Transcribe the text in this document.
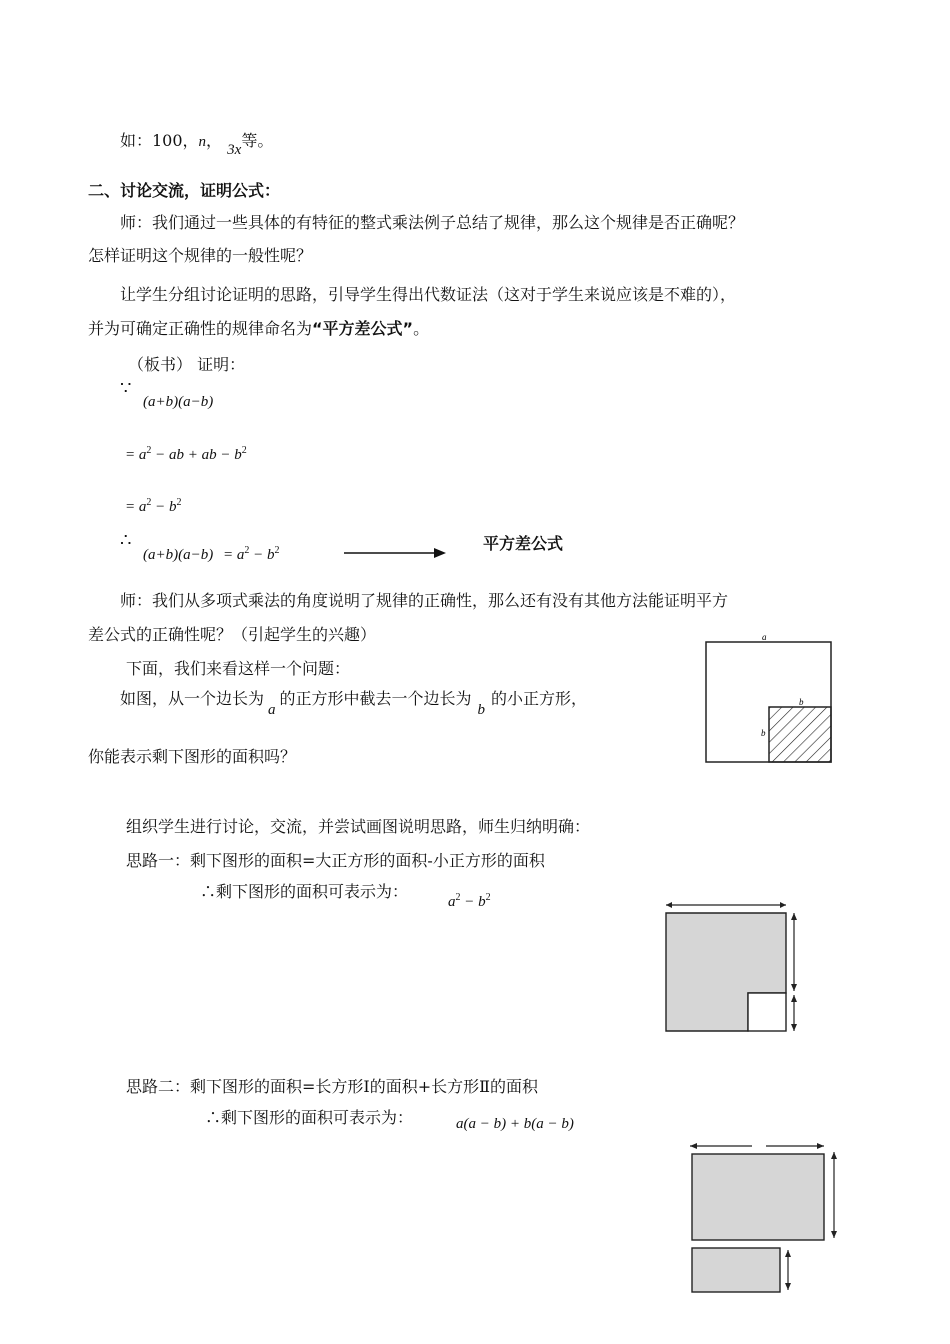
如：100，n， 3x等。
二、讨论交流，证明公式：
师：我们通过一些具体的有特征的整式乘法例子总结了规律，那么这个规律是否正确呢？
怎样证明这个规律的一般性呢？
让学生分组讨论证明的思路，引导学生得出代数证法（这对于学生来说应该是不难的），
并为可确定正确性的规律命名为“平方差公式”。
（板书） 证明：
∵
(a+b)(a−b)
= $a^2$ − ab + ab − $b^2$
= $a^2 - b^2$
∴
$(a+b)(a-b) = a^2 - b^2$	平方差公式
师：我们从多项式乘法的角度说明了规律的正确性，那么还有没有其他方法能证明平方
差公式的正确性呢？（引起学生的兴趣）
下面，我们来看这样一个问题：
如图，从一个边长为a的正方形中截去一个边长为b的小正方形，
你能表示剩下图形的面积吗？
a
b
b
组织学生进行讨论，交流，并尝试画图说明思路，师生归纳明确：
思路一：剩下图形的面积=大正方形的面积-小正方形的面积
∴剩下图形的面积可表示为：
$a^2 - b^2$
思路二：剩下图形的面积=长方形Ⅰ的面积+长方形Ⅱ的面积
∴剩下图形的面积可表示为：	a(a − b) + b(a − b)
